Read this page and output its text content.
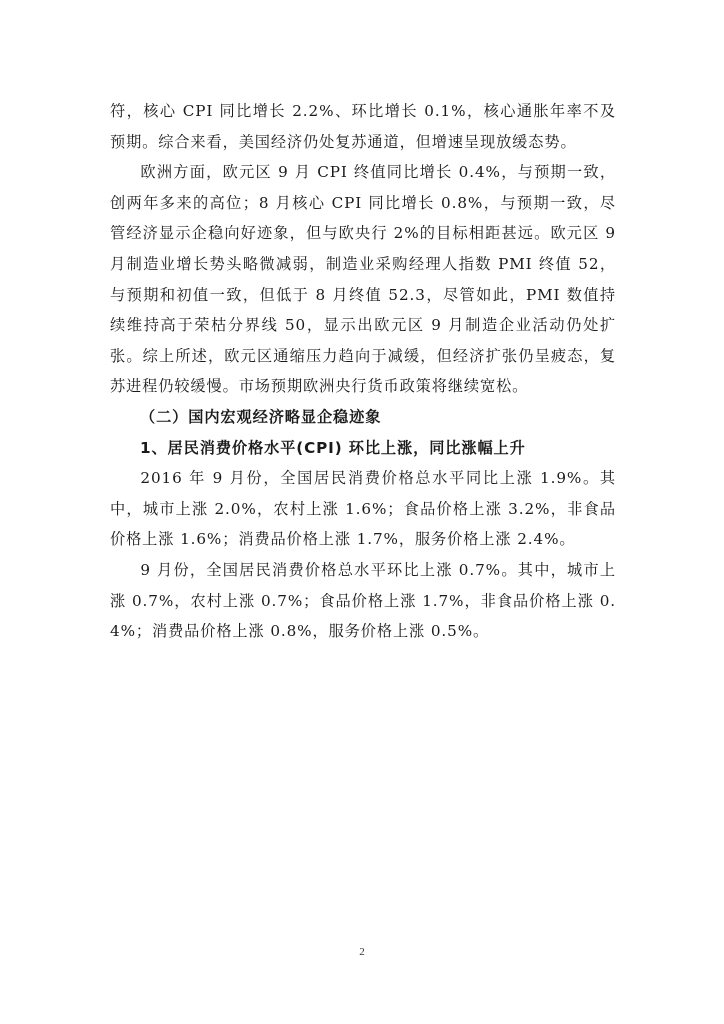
符，核心 CPI 同比增长 2.2%、环比增长 0.1%，核心通胀年率不及预期。综合来看，美国经济仍处复苏通道，但增速呈现放缓态势。

欧洲方面，欧元区 9 月 CPI 终值同比增长 0.4%，与预期一致，创两年多来的高位；8 月核心 CPI 同比增长 0.8%，与预期一致，尽管经济显示企稳向好迹象，但与欧央行 2%的目标相距甚远。欧元区 9 月制造业增长势头略微减弱，制造业采购经理人指数 PMI 终值 52，与预期和初值一致，但低于 8 月终值 52.3，尽管如此，PMI 数值持续维持高于荣枯分界线 50，显示出欧元区 9 月制造企业活动仍处扩张。综上所述，欧元区通缩压力趋向于减缓，但经济扩张仍呈疲态，复苏进程仍较缓慢。市场预期欧洲央行货币政策将继续宽松。

（二）国内宏观经济略显企稳迹象

1、居民消费价格水平(CPI) 环比上涨，同比涨幅上升

2016 年 9 月份，全国居民消费价格总水平同比上涨 1.9%。其中，城市上涨 2.0%，农村上涨 1.6%；食品价格上涨 3.2%，非食品价格上涨 1.6%；消费品价格上涨 1.7%，服务价格上涨 2.4%。

9 月份，全国居民消费价格总水平环比上涨 0.7%。其中，城市上涨 0.7%，农村上涨 0.7%；食品价格上涨 1.7%，非食品价格上涨 0.4%；消费品价格上涨 0.8%，服务价格上涨 0.5%。

2
